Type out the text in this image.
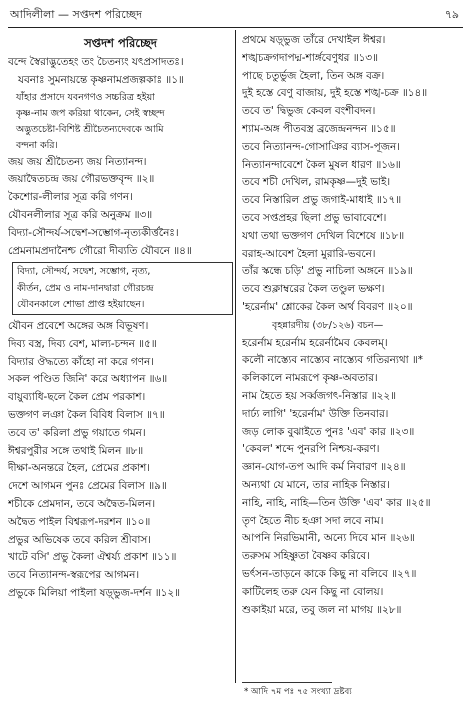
আদিলীলা — সপ্তদশ পরিচ্ছেদ	৭৯
সপ্তদশ পরিচ্ছেদ
বন্দে স্বৈরাদ্ভুতেহং তং চৈতন্যং যৎপ্রসাদতঃ।
যবনাঃ সুমনায়ন্তে কৃষ্ণনামপ্রজল্পকাঃ ॥১॥
যাঁহার প্রসাদে যবনগণও সচ্চরিত্র হইয়া
কৃষ্ণ-নাম জপ করিয়া থাকেন, সেই স্বচ্ছন্দ
অদ্ভুতচেষ্টা-বিশিষ্ট শ্রীচৈতন্যদেবকে আমি
বন্দনা করি।
জয় জয় শ্রীচৈতন্য জয় নিত্যানন্দ।
জয়াদ্বৈতচন্দ্র জয় গৌরভক্তবৃন্দ ॥২॥
কৈশোর-লীলার সূত্র করি গণন।
যৌবনলীলার সূত্র করি অনুক্রম ॥৩॥
বিদ্যা-সৌন্দর্য-সদ্বেশ-সম্ভোগ-নৃত্যকীর্ত্তনৈঃ।
প্রেমনামপ্রদানৈশ্চ গৌরো দীব্যতি যৌবনে ॥৪॥
বিদ্যা, সৌন্দর্য, সদ্বেশ, সম্ভোগ, নৃত্য,
কীর্তন, প্রেম ও নাম-দানদ্বারা গৌরচন্দ্র
যৌবনকালে শোভা প্রাপ্ত হইয়াছেন।
যৌবন প্রবেশে অঙ্গের অঙ্গ বিভূষণ।
দিব্য বস্ত্র, দিব্য বেশ, মাল্য-চন্দন ॥৫॥
বিদ্যার ঔদ্ধত্যে কাঁহো না করে গণন।
সকল পণ্ডিত জিনি' করে অধ্যাপন ॥৬॥
বায়ুব্যাধি-ছলে কৈল প্রেম পরকাশ।
ভক্তগণ লঞা কৈল বিবিধ বিলাস ॥৭॥
তবে ত' করিলা প্রভু গয়াতে গমন।
ঈশ্বরপুরীর সঙ্গে তথাই মিলন ॥৮॥
দীক্ষা-অনন্তরে হৈল, প্রেমের প্রকাশ।
দেশে আগমন পুনঃ প্রেমের বিলাস ॥৯॥
শচীকে প্রেমদান, তবে অদ্বৈত-মিলন।
অদ্বৈত পাইল বিশ্বরূপ-দরশন ॥১০॥
প্রভুর অভিষেক তবে করিল শ্রীবাস।
খাটে বসি' প্রভু কৈলা ঐশ্বর্য্য প্রকাশ ॥১১॥
তবে নিত্যানন্দ-স্বরূপের আগমন।
প্রভুকে মিলিয়া পাইলা ষড়্ভুজ-দর্শন ॥১২॥
প্রথমে ষড়্ভুজ তাঁরে দেখাইল ঈশ্বর।
শঙ্খচক্রগদাপদ্ম-শার্ঙ্গবেণুধর ॥১৩॥
পাছে চতুর্ভুজ হৈলা, তিন অঙ্গ বক্র।
দুই হস্তে বেণু বাজায়, দুই হস্তে শঙ্খ-চক্র ॥১৪॥
তবে ত' দ্বিভুজ কেবল বংশীবদন।
শ্যাম-অঙ্গ পীতবস্ত্র ব্রজেন্দ্রনন্দন ॥১৫॥
তবে নিত্যানন্দ-গোসাঞির ব্যাস-পূজন।
নিত্যানন্দাবেশে কৈল মুষল ধারণ ॥১৬॥
তবে শচী দেখিল, রামকৃষ্ণ—দুই ভাই।
তবে নিস্তারিল প্রভু জগাই-মাধাই ॥১৭॥
তবে সপ্তপ্রহর ছিলা প্রভু ভাবাবেশে।
যথা তথা ভক্তগণ দেখিল বিশেষে ॥১৮॥
বরাহ-আবেশ হৈলা মুরারি-ভবনে।
তাঁর স্কন্ধে চড়ি' প্রভু নাচিলা অঙ্গনে ॥১৯॥
তবে শুক্লাম্বরের কৈল তণ্ডুল ভক্ষণ।
'হরের্নাম' শ্লোকের কৈল অর্থ বিবরণ ॥২০॥
বৃহন্নারদীয় (৩৮/১২৬) বচন—
হরের্নাম হরের্নাম হরের্নামৈব কেবলম্।
কলৌ নাস্ত্যেব নাস্ত্যেব নাস্ত্যেব গতিরন্যথা ॥*
কলিকালে নামরূপে কৃষ্ণ-অবতার।
নাম হৈতে হয় সর্ব্বজগৎ-নিস্তার ॥২২॥
দার্ঢ্য লাগি' 'হরের্নাম' উক্তি তিনবার।
জড় লোক বুঝাইতে পুনঃ 'এব' কার ॥২৩॥
'কেবল' শব্দে পুনরপি নিশ্চয়-করণ।
জ্ঞান-যোগ-তপ আদি কর্ম নিবারণ ॥২৪॥
অন্যথা যে মানে, তার নাহিক নিস্তার।
নাহি, নাহি, নাহি—তিন উক্তি 'এব' কার ॥২৫॥
তৃণ হৈতে নীচ হঞা সদা লবে নাম।
আপনি নিরভিমানী, অন্যে দিবে মান ॥২৬॥
তরুসম সহিষ্ণুতা বৈষ্ণব করিবে।
ভর্ৎসন-তাড়নে কাকে কিছু না বলিবে ॥২৭॥
কাটিলেহ তরু যেন কিছু না বোলয়।
শুকাইয়া মরে, তবু জল না মাগয় ॥২৮॥
* আদি ৭ম পঃ ৭৫ সংখ্যা দ্রষ্টব্য
